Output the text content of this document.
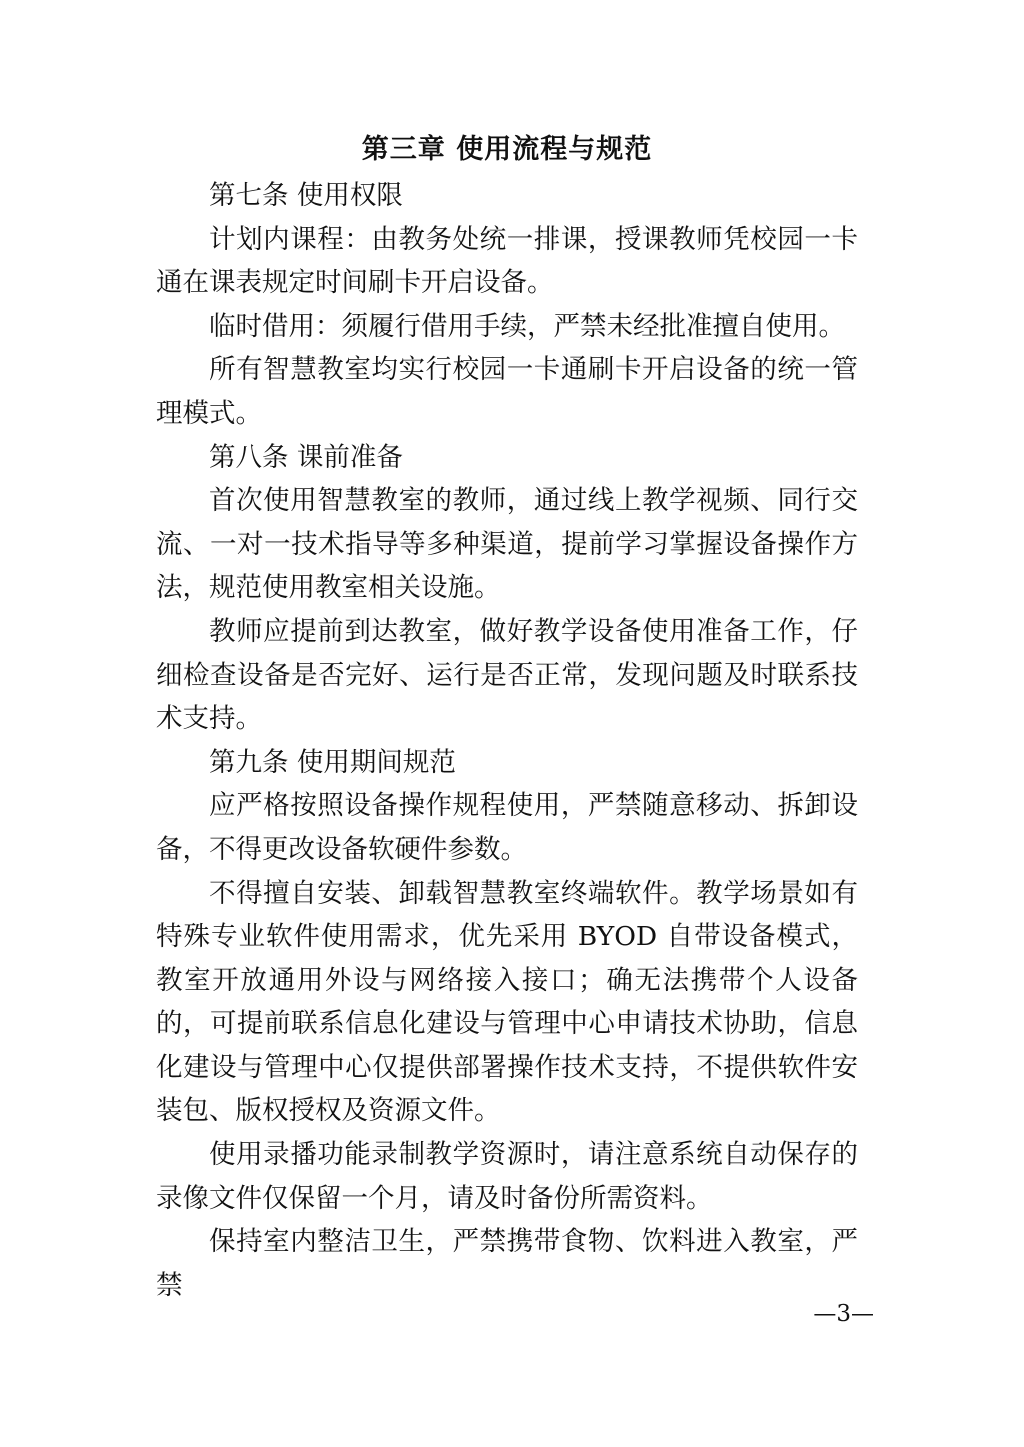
第三章 使用流程与规范

第七条 使用权限

计划内课程：由教务处统一排课，授课教师凭校园一卡通在课表规定时间刷卡开启设备。

临时借用：须履行借用手续，严禁未经批准擅自使用。

所有智慧教室均实行校园一卡通刷卡开启设备的统一管理模式。

第八条 课前准备

首次使用智慧教室的教师，通过线上教学视频、同行交流、一对一技术指导等多种渠道，提前学习掌握设备操作方法，规范使用教室相关设施。

教师应提前到达教室，做好教学设备使用准备工作，仔细检查设备是否完好、运行是否正常，发现问题及时联系技术支持。

第九条 使用期间规范

应严格按照设备操作规程使用，严禁随意移动、拆卸设备，不得更改设备软硬件参数。

不得擅自安装、卸载智慧教室终端软件。教学场景如有特殊专业软件使用需求，优先采用 BYOD 自带设备模式，教室开放通用外设与网络接入接口；确无法携带个人设备的，可提前联系信息化建设与管理中心申请技术协助，信息化建设与管理中心仅提供部署操作技术支持，不提供软件安装包、版权授权及资源文件。

使用录播功能录制教学资源时，请注意系统自动保存的录像文件仅保留一个月，请及时备份所需资料。

保持室内整洁卫生，严禁携带食物、饮料进入教室，严禁

—3—
